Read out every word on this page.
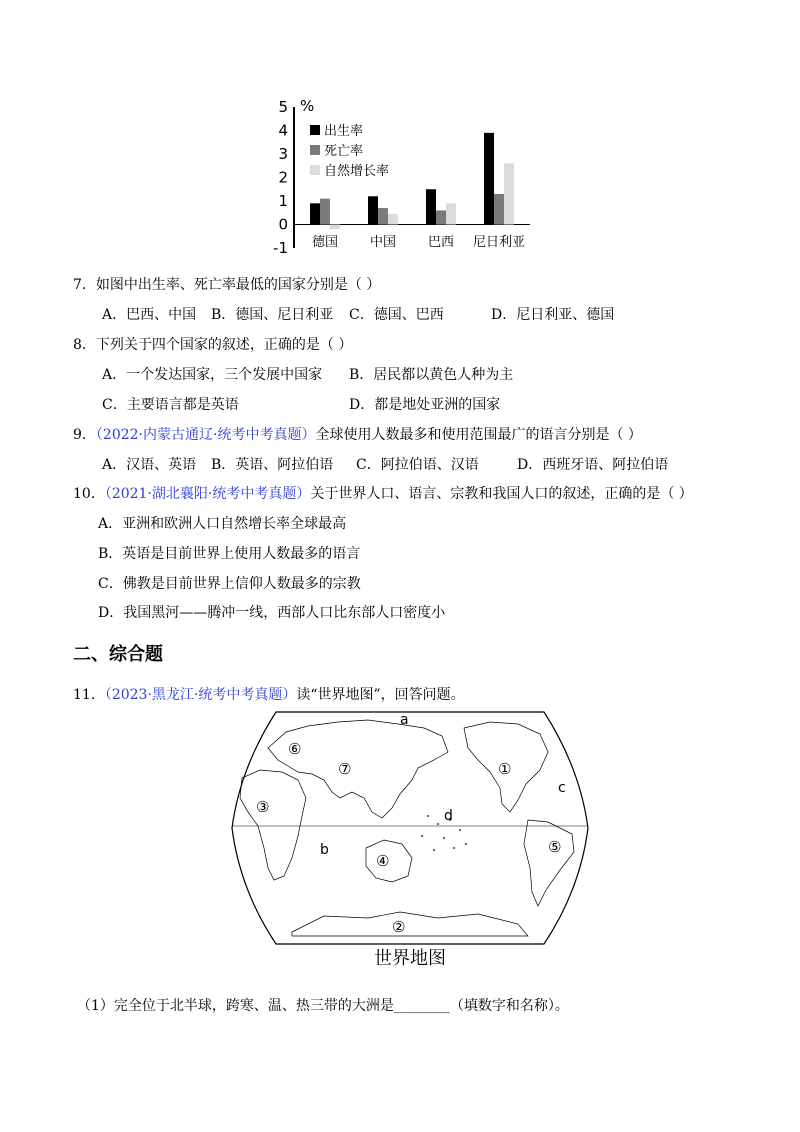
-1
0
1
2
3
4
5 %
德国 中国 巴西 尼日利亚
出生率
死亡率
自然增长率
7．如图中出生率、死亡率最低的国家分别是（ ）
A．巴西、中国 B．德国、尼日利亚 C．德国、巴西	D．尼日利亚、德国
8．下列关于四个国家的叙述，正确的是（ ）
A．一个发达国家，三个发展中国家 B．居民都以黄色人种为主
C．主要语言都是英语	D．都是地处亚洲的国家
9．（2022·内蒙古通辽·统考中考真题）全球使用人数最多和使用范围最广的语言分别是（ ）
A．汉语、英语 B．英语、阿拉伯语 C．阿拉伯语、汉语	D．西班牙语、阿拉伯语
10．（2021·湖北襄阳·统考中考真题）关于世界人口、语言、宗教和我国人口的叙述，正确的是（ ）
A．亚洲和欧洲人口自然增长率全球最高
B．英语是目前世界上使用人数最多的语言
C．佛教是目前世界上信仰人数最多的宗教
D．我国黑河——腾冲一线，西部人口比东部人口密度小
二、综合题
11．（2023·黑龙江·统考中考真题）读“世界地图”，回答问题。
a
①
c
⑥
⑦
③	d
b
④
⑤
②
世界地图
（1）完全位于北半球，跨寒、温、热三带的大洲是________（填数字和名称）。
